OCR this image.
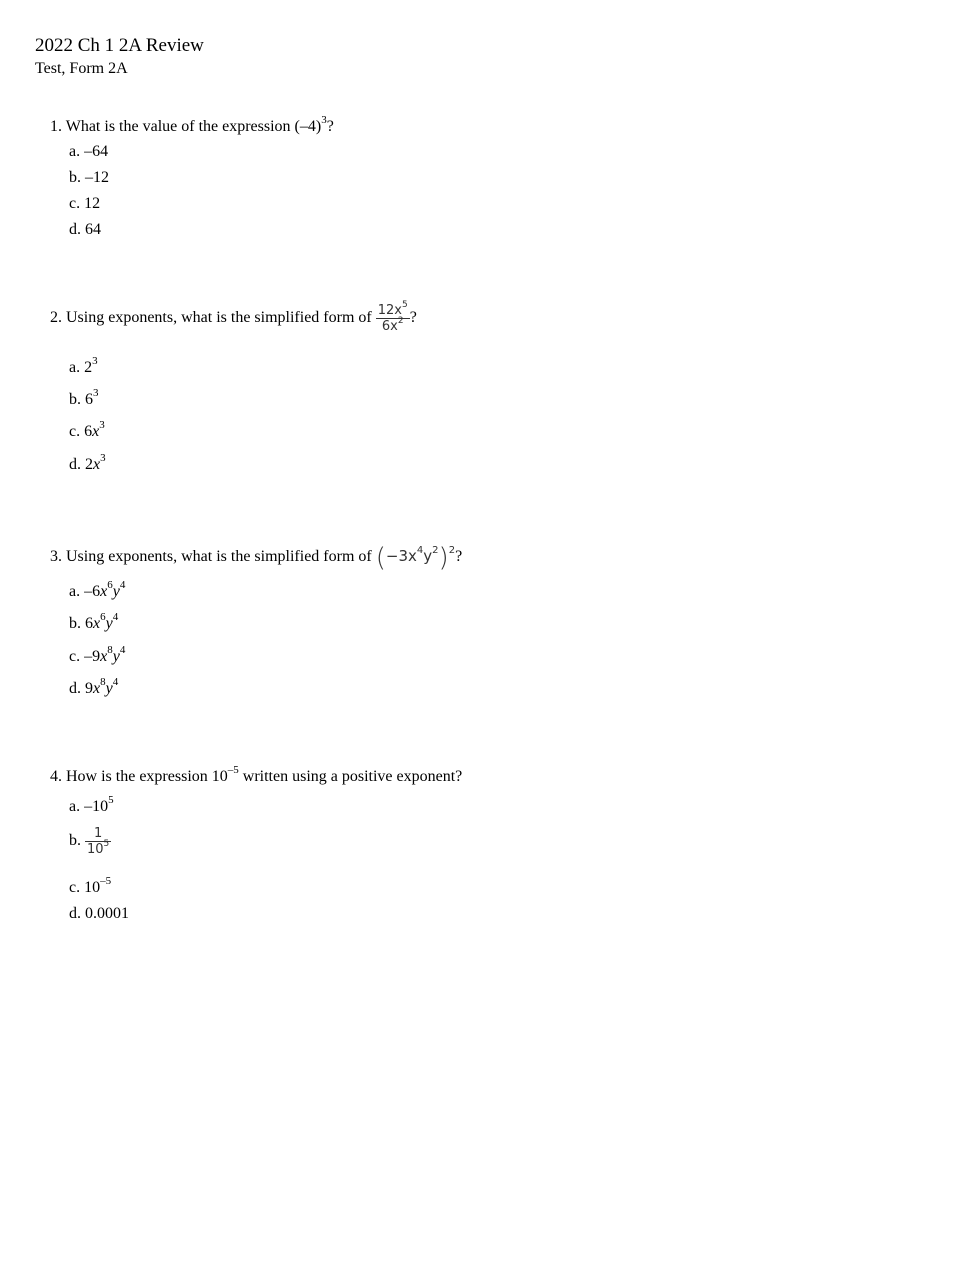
2022 Ch 1 2A Review
Test, Form 2A
1. What is the value of the expression $(-4)^3$?
a. –64
b. –12
c. 12
d. 64
2. Using exponents, what is the simplified form of $\frac{12x^5}{6x^2}$ ?
a. $2^3$
b. $6^3$
c. $6x^3$
d. $2x^3$
3. Using exponents, what is the simplified form of $(-3x^4y^2)^2$?
a. $-6x^6y^4$
b. $6x^6y^4$
c. $-9x^8y^4$
d. $9x^8y^4$
4. How is the expression $10^{-5}$ written using a positive exponent?
a. $-10^5$
b. $\frac{1}{10^5}$
c. $10^{-5}$
d. 0.0001
